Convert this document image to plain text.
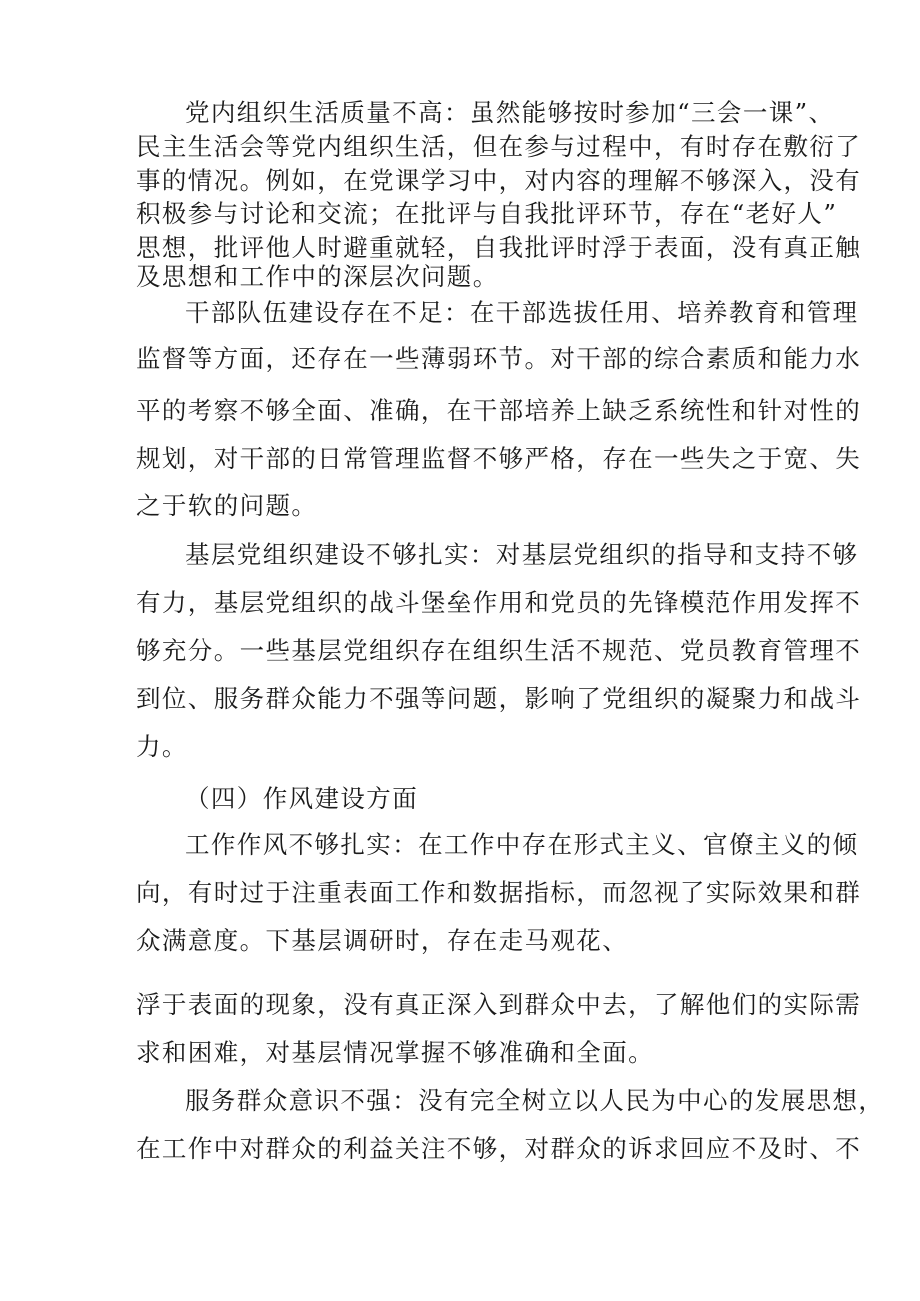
党内组织生活质量不高：虽然能够按时参加“三会一课”、
民主生活会等党内组织生活，但在参与过程中，有时存在敷衍了
事的情况。例如，在党课学习中，对内容的理解不够深入，没有
积极参与讨论和交流；在批评与自我批评环节，存在“老好人”
思想，批评他人时避重就轻，自我批评时浮于表面，没有真正触
及思想和工作中的深层次问题。
干部队伍建设存在不足：在干部选拔任用、培养教育和管理
监督等方面，还存在一些薄弱环节。对干部的综合素质和能力水
平的考察不够全面、准确，在干部培养上缺乏系统性和针对性的
规划，对干部的日常管理监督不够严格，存在一些失之于宽、失
之于软的问题。
基层党组织建设不够扎实：对基层党组织的指导和支持不够
有力，基层党组织的战斗堡垒作用和党员的先锋模范作用发挥不
够充分。一些基层党组织存在组织生活不规范、党员教育管理不
到位、服务群众能力不强等问题，影响了党组织的凝聚力和战斗
力。
（四）作风建设方面
工作作风不够扎实：在工作中存在形式主义、官僚主义的倾
向，有时过于注重表面工作和数据指标，而忽视了实际效果和群
众满意度。下基层调研时，存在走马观花、
浮于表面的现象，没有真正深入到群众中去，了解他们的实际需
求和困难，对基层情况掌握不够准确和全面。
服务群众意识不强：没有完全树立以人民为中心的发展思想，
在工作中对群众的利益关注不够，对群众的诉求回应不及时、不
